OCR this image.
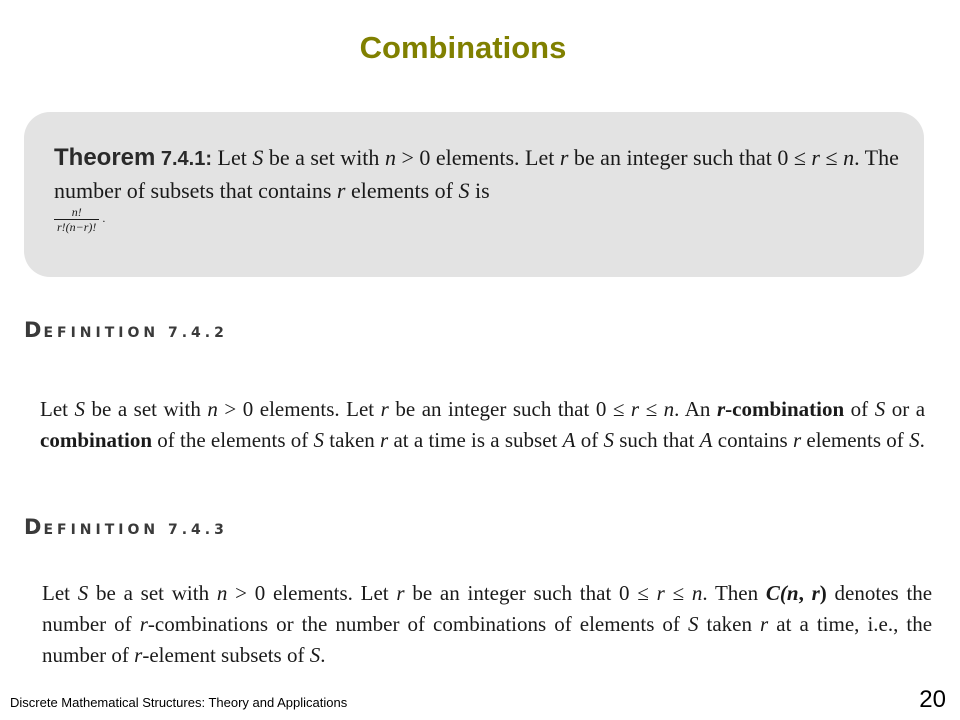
Combinations
Theorem 7.4.1: Let S be a set with n > 0 elements. Let r be an integer such that 0 ≤ r ≤ n. The number of subsets that contains r elements of S is
$\frac{n!}{r!(n-r)!}$ .
DEFINITION 7.4.2
Let S be a set with n > 0 elements. Let r be an integer such that 0 ≤ r ≤ n. An r-combination of S or a combination of the elements of S taken r at a time is a subset A of S such that A contains r elements of S.
DEFINITION 7.4.3
Let S be a set with n > 0 elements. Let r be an integer such that 0 ≤ r ≤ n. Then C(n, r) denotes the number of r-combinations or the number of combinations of elements of S taken r at a time, i.e., the number of r-element subsets of S.
Discrete Mathematical Structures: Theory and Applications	20
